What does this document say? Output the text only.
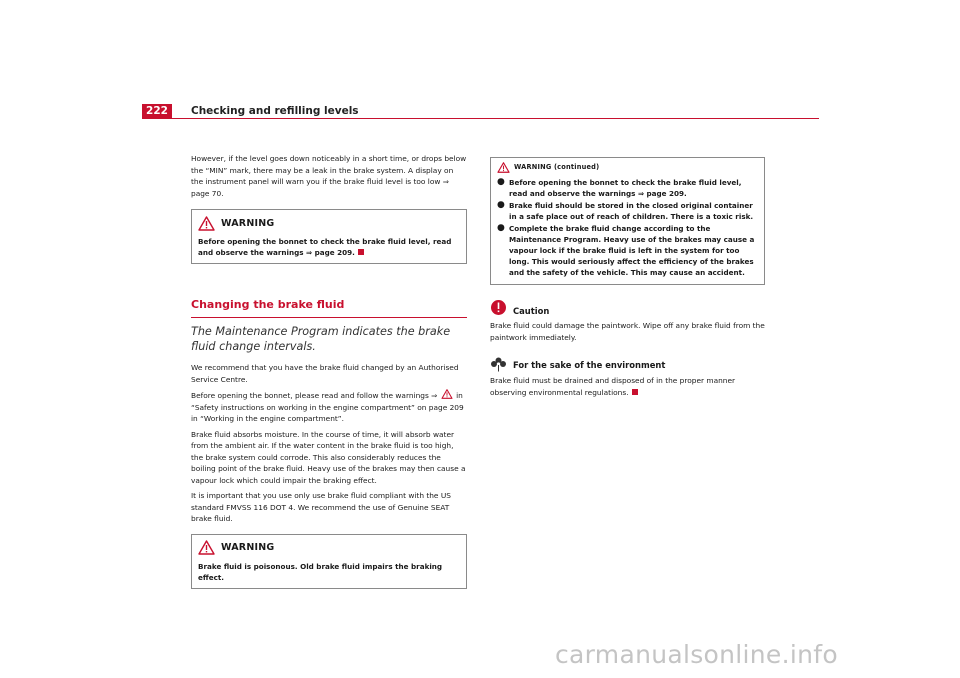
222	Checking and refilling levels

However, if the level goes down noticeably in a short time, or drops below the “MIN” mark, there may be a leak in the brake system. A display on the instrument panel will warn you if the brake fluid level is too low ⇒ page 70.

WARNING
Before opening the bonnet to check the brake fluid level, read and observe the warnings ⇒ page 209.
Changing the brake fluid
The Maintenance Program indicates the brake fluid change intervals.

We recommend that you have the brake fluid changed by an Authorised Service Centre.

Before opening the bonnet, please read and follow the warnings ⇒	in “Safety instructions on working in the engine compartment” on page 209 in “Working in the engine compartment”.

Brake fluid absorbs moisture. In the course of time, it will absorb water from the ambient air. If the water content in the brake fluid is too high, the brake system could corrode. This also considerably reduces the boiling point of the brake fluid. Heavy use of the brakes may then cause a vapour lock which could impair the braking effect.

It is important that you use only use brake fluid compliant with the US standard FMVSS 116 DOT 4. We recommend the use of Genuine SEAT brake fluid.

WARNING
Brake fluid is poisonous. Old brake fluid impairs the braking effect.
WARNING (continued)
● Before opening the bonnet to check the brake fluid level, read and observe the warnings ⇒ page 209.
● Brake fluid should be stored in the closed original container in a safe place out of reach of children. There is a toxic risk.
● Complete the brake fluid change according to the Maintenance Program. Heavy use of the brakes may cause a vapour lock if the brake fluid is left in the system for too long. This would seriously affect the efficiency of the brakes and the safety of the vehicle. This may cause an accident.
Caution

Brake fluid could damage the paintwork. Wipe off any brake fluid from the paintwork immediately.

For the sake of the environment

Brake fluid must be drained and disposed of in the proper manner observing environmental regulations.

carmanualsonline.info
